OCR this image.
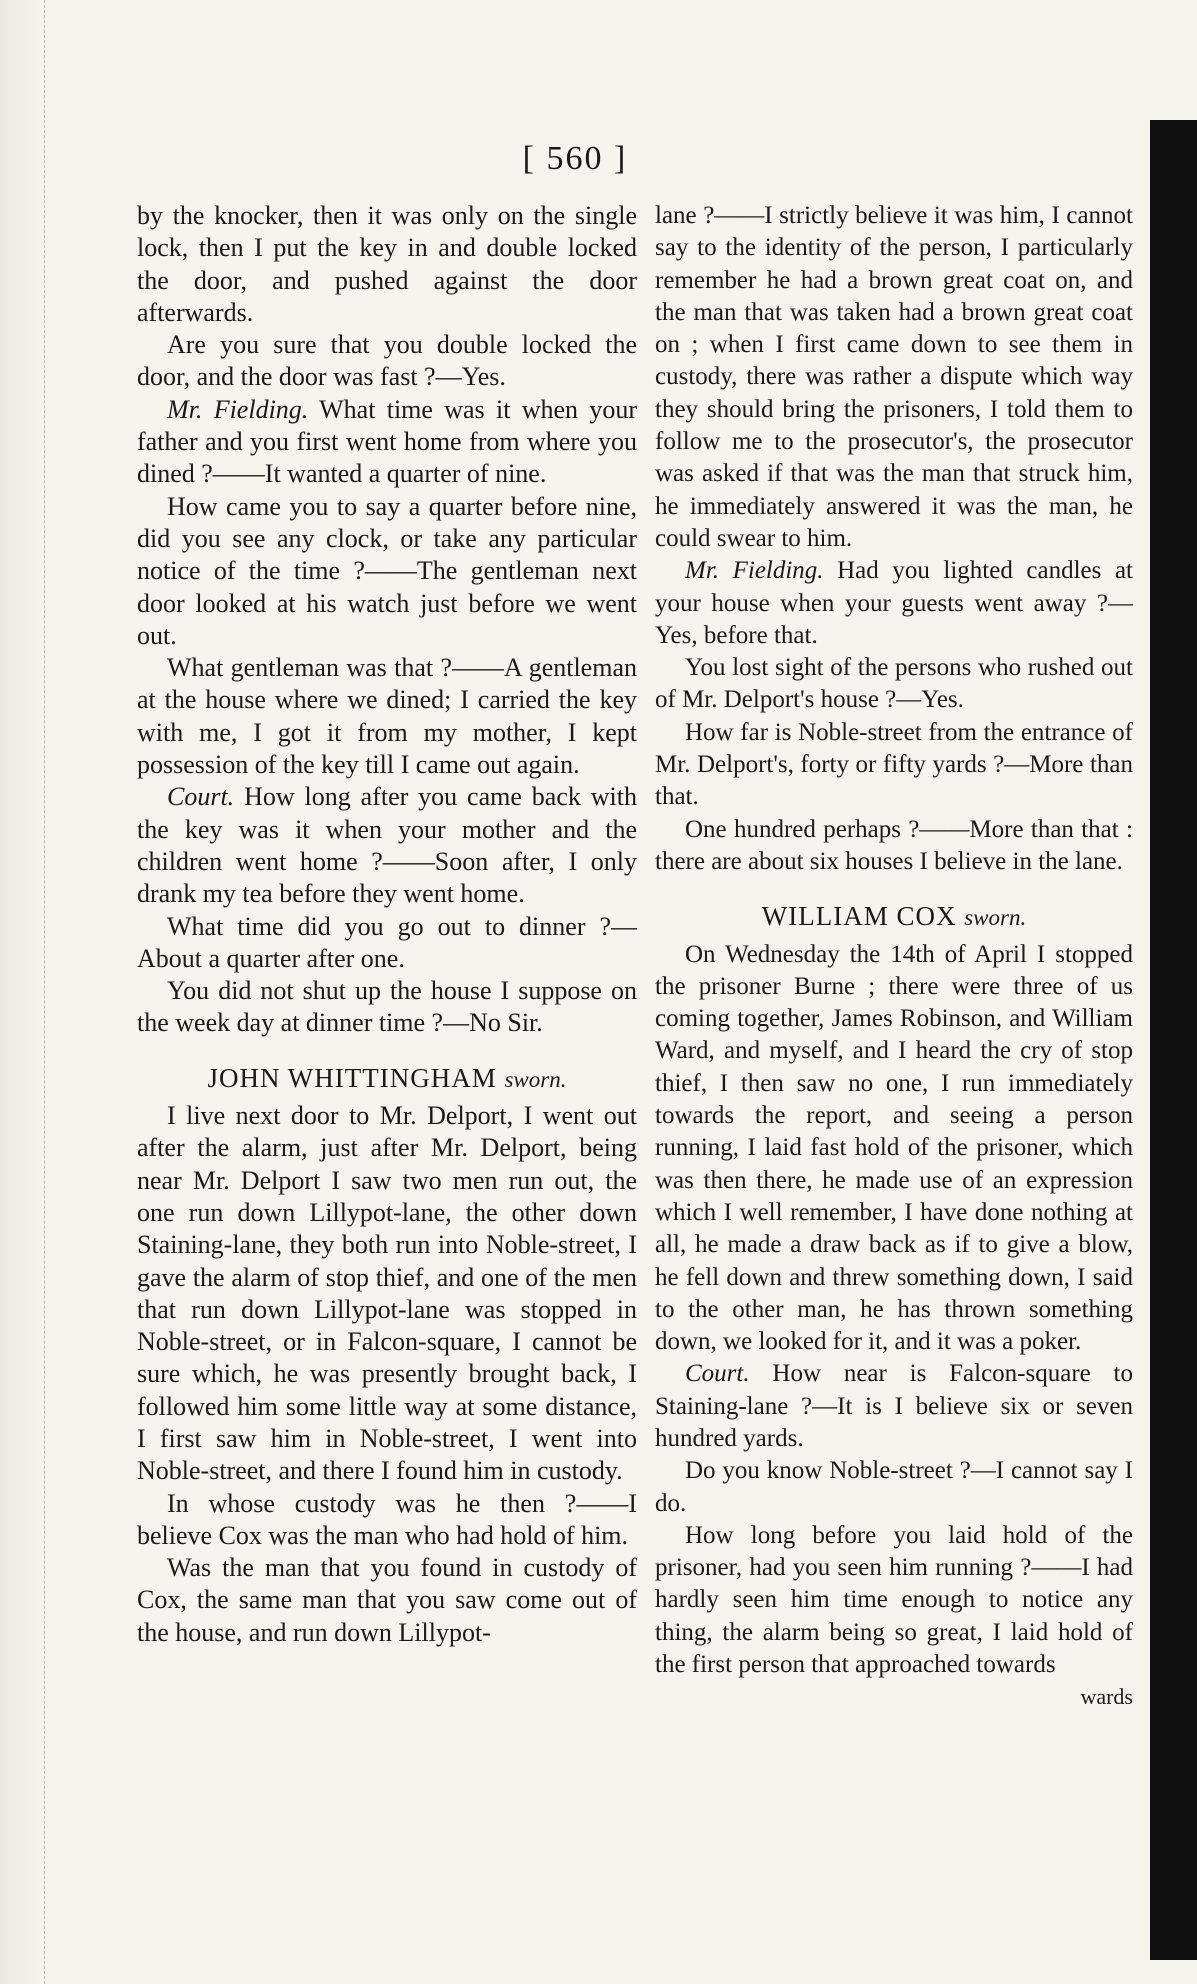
[ 560 ]

by the knocker, then it was only on the single lock, then I put the key in and double locked the door, and pushed against the door afterwards.

Are you sure that you double locked the door, and the door was fast ?—Yes.

Mr. Fielding. What time was it when your father and you first went home from where you dined ?——It wanted a quarter of nine.

How came you to say a quarter before nine, did you see any clock, or take any particular notice of the time ?——The gentleman next door looked at his watch just before we went out.

What gentleman was that ?——A gentleman at the house where we dined; I carried the key with me, I got it from my mother, I kept possession of the key till I came out again.

Court. How long after you came back with the key was it when your mother and the children went home ?——Soon after, I only drank my tea before they went home.

What time did you go out to dinner ?—About a quarter after one.

You did not shut up the house I suppose on the week day at dinner time ?—No Sir.

JOHN WHITTINGHAM sworn.

I live next door to Mr. Delport, I went out after the alarm, just after Mr. Delport, being near Mr. Delport I saw two men run out, the one run down Lillypot-lane, the other down Staining-lane, they both run into Noble-street, I gave the alarm of stop thief, and one of the men that run down Lillypot-lane was stopped in Noble-street, or in Falcon-square, I cannot be sure which, he was presently brought back, I followed him some little way at some distance, I first saw him in Noble-street, I went into Noble-street, and there I found him in custody.

In whose custody was he then ?——I believe Cox was the man who had hold of him.

Was the man that you found in custody of Cox, the same man that you saw come out of the house, and run down Lillypot-

lane ?——I strictly believe it was him, I cannot say to the identity of the person, I particularly remember he had a brown great coat on, and the man that was taken had a brown great coat on ; when I first came down to see them in custody, there was rather a dispute which way they should bring the prisoners, I told them to follow me to the prosecutor's, the prosecutor was asked if that was the man that struck him, he immediately answered it was the man, he could swear to him.

Mr. Fielding. Had you lighted candles at your house when your guests went away ?—Yes, before that.

You lost sight of the persons who rushed out of Mr. Delport's house ?—Yes.

How far is Noble-street from the entrance of Mr. Delport's, forty or fifty yards ?—More than that.

One hundred perhaps ?——More than that : there are about six houses I believe in the lane.

WILLIAM COX sworn.

On Wednesday the 14th of April I stopped the prisoner Burne ; there were three of us coming together, James Robinson, and William Ward, and myself, and I heard the cry of stop thief, I then saw no one, I run immediately towards the report, and seeing a person running, I laid fast hold of the prisoner, which was then there, he made use of an expression which I well remember, I have done nothing at all, he made a draw back as if to give a blow, he fell down and threw something down, I said to the other man, he has thrown something down, we looked for it, and it was a poker.

Court. How near is Falcon-square to Staining-lane ?—It is I believe six or seven hundred yards.

Do you know Noble-street ?—I cannot say I do.

How long before you laid hold of the prisoner, had you seen him running ?——I had hardly seen him time enough to notice any thing, the alarm being so great, I laid hold of the first person that approached towards

wards
